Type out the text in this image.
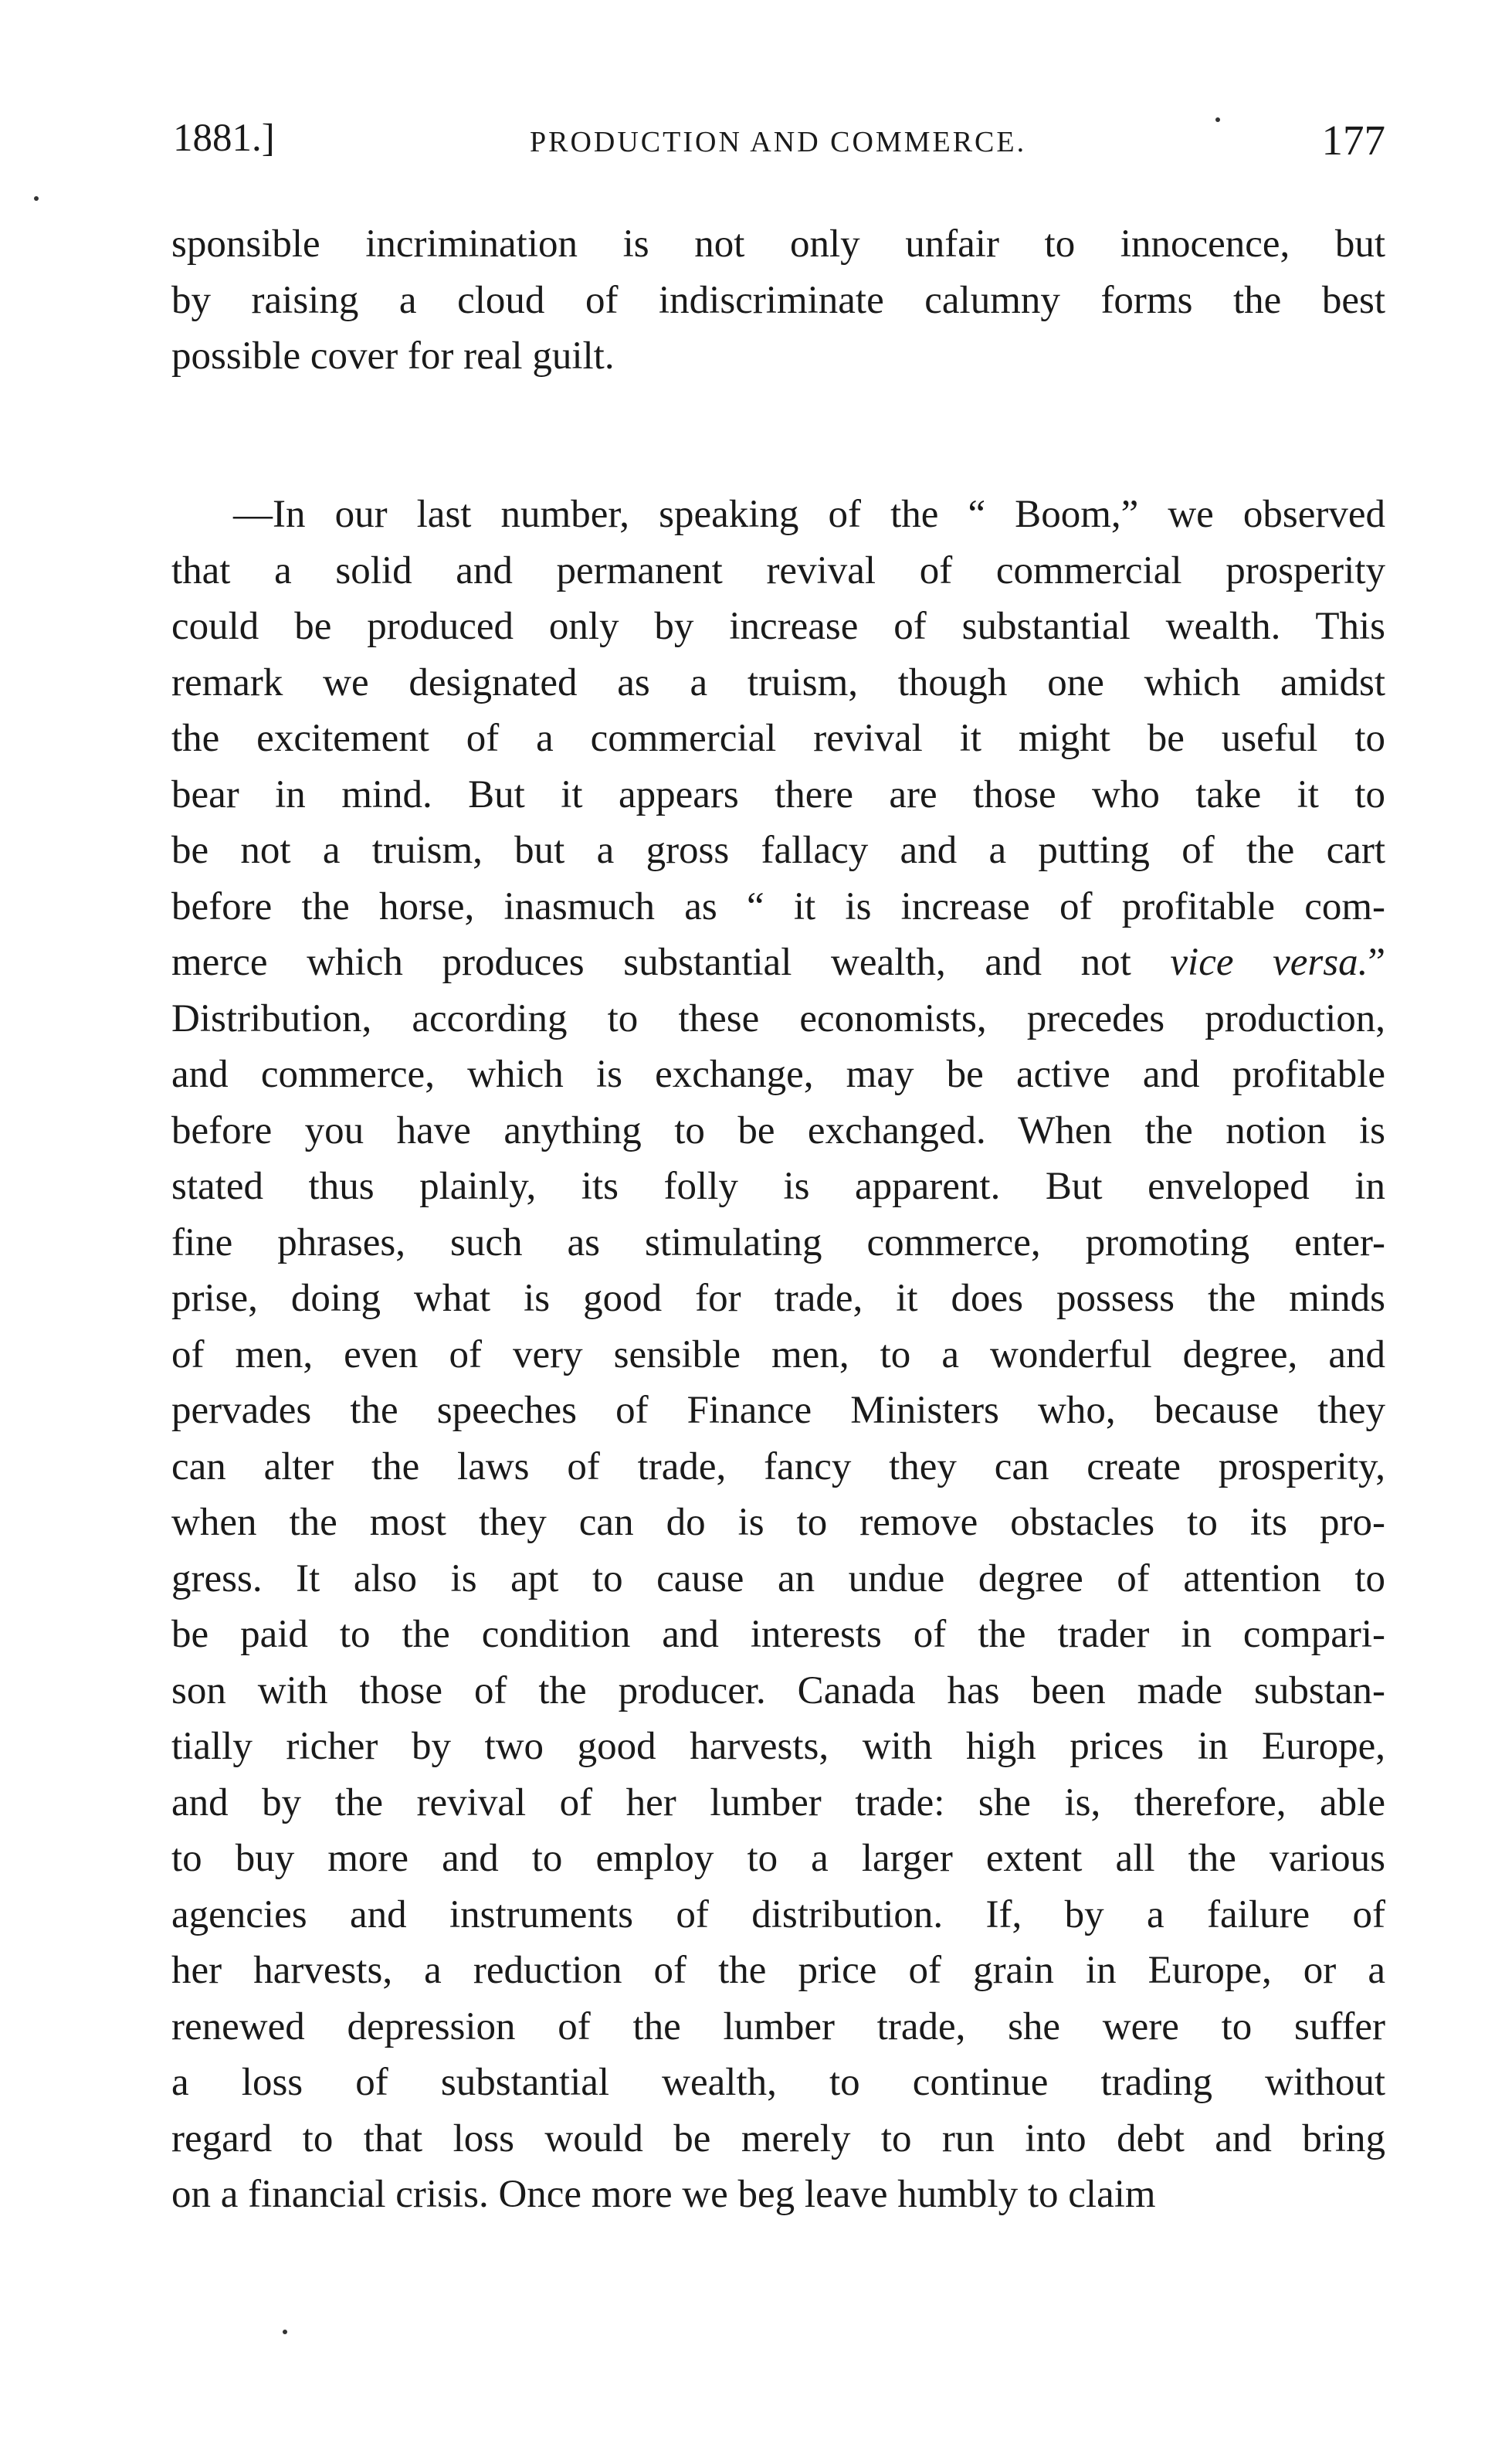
1881.]	PRODUCTION AND COMMERCE.	177
sponsible incrimination is not only unfair to innocence, but
by raising a cloud of indiscriminate calumny forms the best
possible cover for real guilt.
—In our last number, speaking of the “ Boom,” we observed
that a solid and permanent revival of commercial prosperity
could be produced only by increase of substantial wealth. This
remark we designated as a truism, though one which amidst
the excitement of a commercial revival it might be useful to
bear in mind. But it appears there are those who take it to
be not a truism, but a gross fallacy and a putting of the cart
before the horse, inasmuch as “ it is increase of profitable com-
merce which produces substantial wealth, and not vice versa.”
Distribution, according to these economists, precedes production,
and commerce, which is exchange, may be active and profitable
before you have anything to be exchanged. When the notion is
stated thus plainly, its folly is apparent. But enveloped in
fine phrases, such as stimulating commerce, promoting enter-
prise, doing what is good for trade, it does possess the minds
of men, even of very sensible men, to a wonderful degree, and
pervades the speeches of Finance Ministers who, because they
can alter the laws of trade, fancy they can create prosperity,
when the most they can do is to remove obstacles to its pro-
gress. It also is apt to cause an undue degree of attention to
be paid to the condition and interests of the trader in compari-
son with those of the producer. Canada has been made substan-
tially richer by two good harvests, with high prices in Europe,
and by the revival of her lumber trade: she is, therefore, able
to buy more and to employ to a larger extent all the various
agencies and instruments of distribution. If, by a failure of
her harvests, a reduction of the price of grain in Europe, or a
renewed depression of the lumber trade, she were to suffer
a loss of substantial wealth, to continue trading without
regard to that loss would be merely to run into debt and bring
on a financial crisis. Once more we beg leave humbly to claim
